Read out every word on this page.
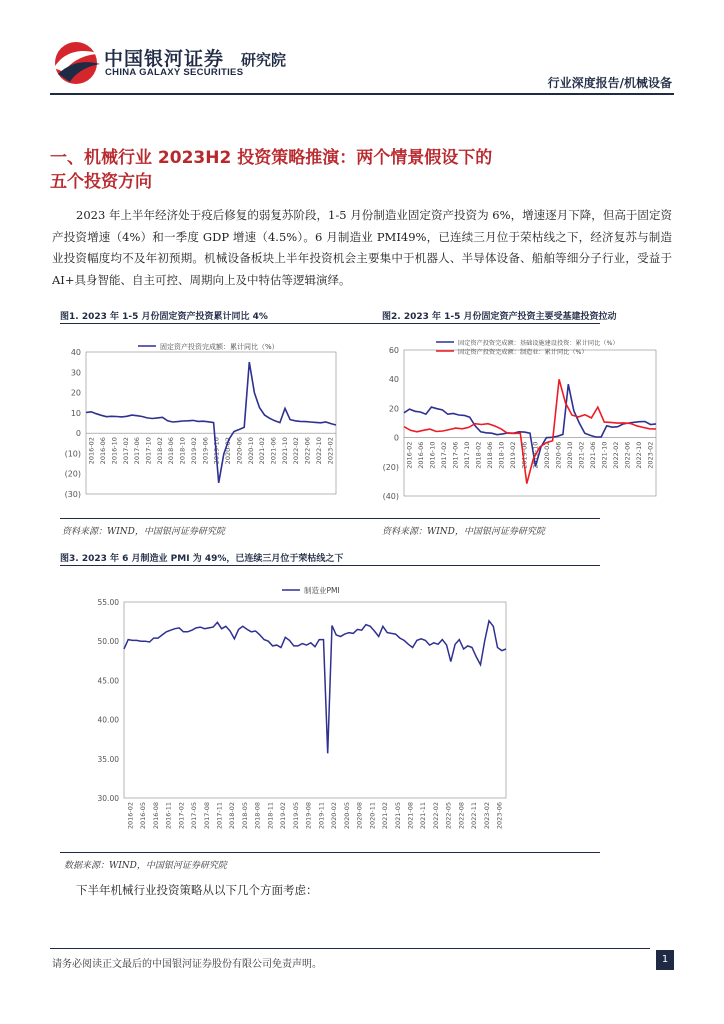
中国银河证券
CHINA GALAXY SECURITIES
研究院
行业深度报告/机械设备
一、机械行业 2023H2 投资策略推演：两个情景假设下的
五个投资方向
2023 年上半年经济处于疫后修复的弱复苏阶段，1-5 月份制造业固定资产投资为 6%，增速逐月下降，但高于固定资产投资增速（4%）和一季度 GDP 增速（4.5%）。6 月制造业 PMI49%，已连续三月位于荣枯线之下，经济复苏与制造业投资幅度均不及年初预期。机械设备板块上半年投资机会主要集中于机器人、半导体设备、船舶等细分子行业，受益于 AI+具身智能、自主可控、周期向上及中特估等逻辑演绎。
图1. 2023 年 1-5 月份固定资产投资累计同比 4%	图2. 2023 年 1-5 月份固定资产投资主要受基建投资拉动
40
30
20
10
0
(10)
(20)
(30)
2016-02 2016-06 2016-10 2017-02 2017-06 2017-10 2018-02 2018-06 2018-10 2019-02 2019-06 2019-10 2020-02 2020-06 2020-10 2021-02 2021-06 2021-10 2022-02 2022-06 2022-10 2023-02
固定资产投资完成额：累计同比（%）	60
40
20
0
(20)
(40)
2016-02 2016-06 2016-10 2017-02 2017-06 2017-10 2018-02 2018-06 2018-10 2019-02 2019-06 2019-10 2020-02 2020-06 2020-10 2021-02 2021-06 2021-10 2022-02 2022-06 2022-10 2023-02
固定资产投资完成额：基础设施建设投资：累计同比（%）
固定资产投资完成额：制造业：累计同比（%）
资料来源：WIND，中国银河证券研究院	资料来源：WIND，中国银河证券研究院
图3. 2023 年 6 月制造业 PMI 为 49%，已连续三月位于荣枯线之下
55.00
50.00
45.00
40.00
35.00
30.00
2016-02 2016-05 2016-08 2016-11 2017-02 2017-05 2017-08 2017-11 2018-02 2018-05 2018-08 2018-11 2019-02 2019-05 2019-08 2019-11 2020-02 2020-05 2020-08 2020-11 2021-02 2021-05 2021-08 2021-11 2022-02 2022-05 2022-08 2022-11 2023-02 2023-06
制造业PMI
数据来源：WIND，中国银河证券研究院
下半年机械行业投资策略从以下几个方面考虑：
请务必阅读正文最后的中国银河证券股份有限公司免责声明。	1
